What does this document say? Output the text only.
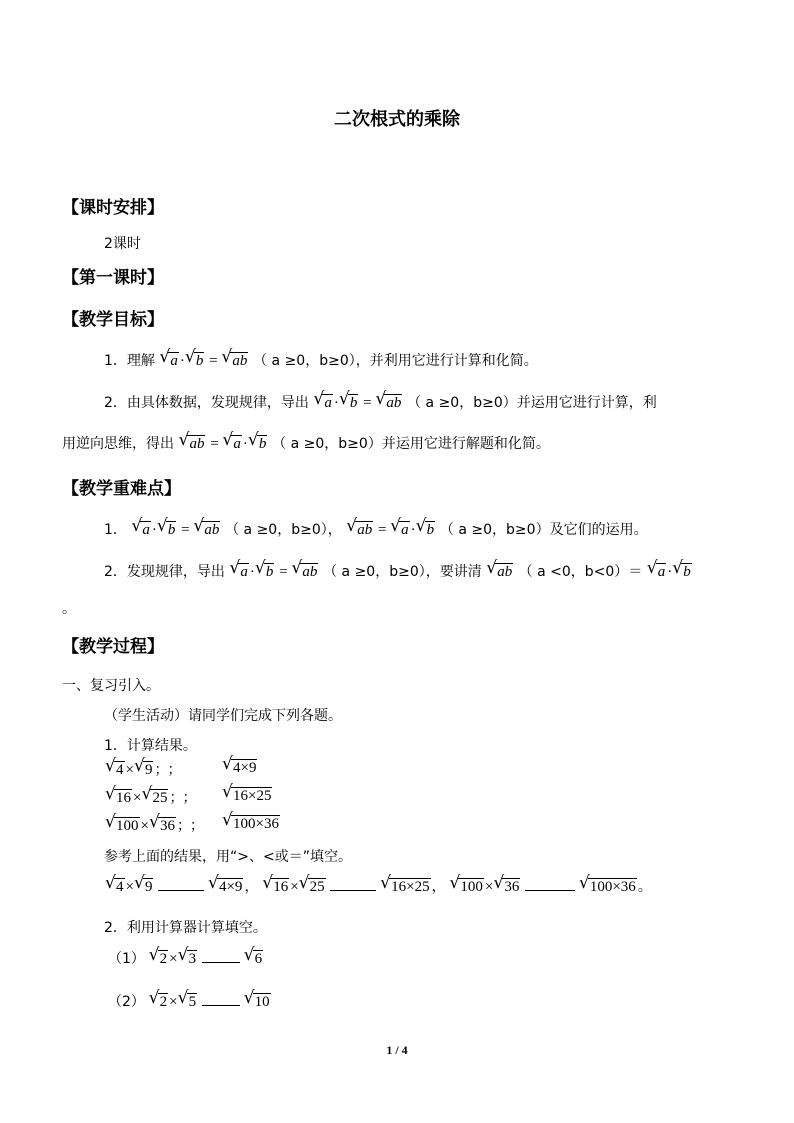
二次根式的乘除
【课时安排】
2课时
【第一课时】
【教学目标】
1．理解 √ a · √ b = √ ab （ a ≥0，b≥0），并利用它进行计算和化简。
2．由具体数据，发现规律，导出 √ a · √ b = √ ab （ a ≥0，b≥0）并运用它进行计算，利
用逆向思维，得出 √ ab = √ a · √ b （ a ≥0，b≥0）并运用它进行解题和化简。
【教学重难点】
1． √ a · √ b = √ ab （ a ≥0，b≥0）， √ ab = √ a · √ b （ a ≥0，b≥0）及它们的运用。
2．发现规律，导出 √ a · √ b = √ ab （ a ≥0，b≥0），要讲清 √ ab （ a <0，b<0）＝ √ a · √ b
。
【教学过程】
一、复习引入。
（学生活动）请同学们完成下列各题。
1．计算结果。
√ 4 × √ 9 ； ； √ 4×9
√ 16 × √ 25 ； ； √ 16×25
√ 100 × √ 36 ； ； √ 100×36
参考上面的结果，用“>、<或＝”填空。
√ 4 × √ 9	√ 4×9 ， √ 16 × √ 25	√ 16×25 ， √ 100 × √ 36	√ 100×36 。
2．利用计算器计算填空。
（1） √ 2 × √ 3	√ 6
（2） √ 2 × √ 5	√ 10
1 / 4
